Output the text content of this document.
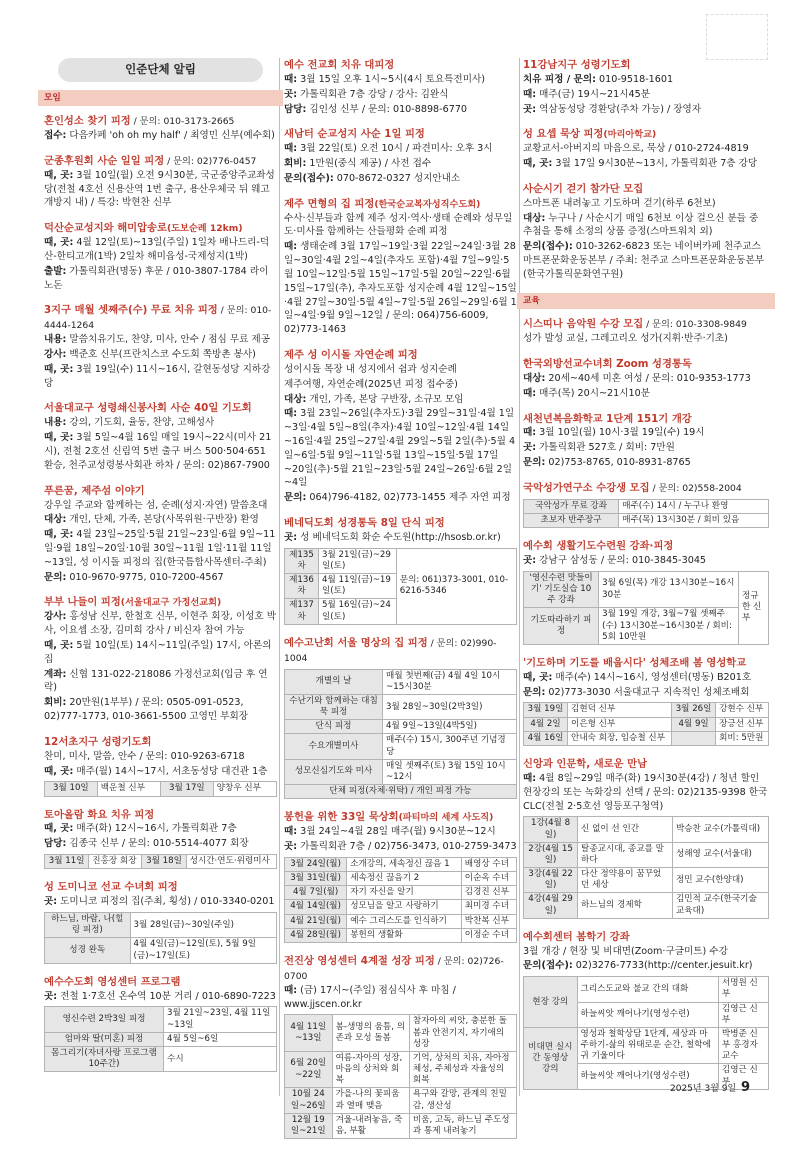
인준단체 알림
모임
혼인성소 찾기 피정 / 문의: 010-3173-2665
접수: 다음카페 'oh oh my half' / 최영민 신부(예수회)
군종후원회 사순 일일 피정 / 문의: 02)776-0457
때, 곳: 3월 10일(월) 오전 9시30분, 국군중앙주교좌성당(전철 4호선 신용산역 1번 출구, 용산우체국 뒤 웨고개방지 내) / 특강: 박현찬 신부
덕산순교성지와 해미압송로(도보순례 12km)
때, 곳: 4월 12일(토)~13일(주일) 1일차 배나드리-덕산-한티고개(1박) 2일차 해미읍성-국제성지(1박)
출발: 가톨릭회관(명동) 후문 / 010-3807-1784 라이노돈
3지구 매월 셋째주(수) 무료 치유 피정 / 문의: 010-4444-1264
내용: 말씀치유기도, 찬양, 미사, 안수 / 점심 무료 제공
강사: 백준호 신부(프란치스코 수도회 쪽방촌 봉사)
때, 곳: 3월 19일(수) 11시~16시, 갈현동성당 지하강당
서울대교구 성령쇄신봉사회 사순 40일 기도회
내용: 강의, 기도회, 율동, 찬양, 고해성사
때, 곳: 3월 5일~4월 16일 매일 19시~22시(미사 21시), 전철 2호선 신림역 5번 출구 버스 500·504·651 환승, 천주교성령봉사회관 하차 / 문의: 02)867-7900
푸른꿈, 제주섬 이야기
강우일 주교와 함께하는 섬, 순례(성지·자연) 말씀초대
대상: 개인, 단체, 가족, 본당(사목위원·구반장) 환영
때, 곳: 4월 23일~25일·5월 21일~23일·6월 9일~11일·9월 18일~20일·10월 30일~11월 1일·11월 11일~13일, 성 이시돌 피정의 집(한국틈합사목센터-주최)
문의: 010-9670-9775, 010-7200-4567
부부 나들이 피정(서울대교구 가정선교회)
강사: 홍성남 신부, 한철호 신부, 이현주 회장, 이성호 박사, 이요셉 소장, 김미희 강사 / 비신자 참여 가능
때, 곳: 5월 10일(토) 14시~11일(주일) 17시, 아론의 집
계좌: 신협 131-022-218086 가정선교회(입금 후 연락)
회비: 20만원(1부부) / 문의: 0505-091-0523, 02)777-1773, 010-3661-5500 고영민 부회장
12서초지구 성령기도회
찬미, 미사, 말씀, 안수 / 문의: 010-9263-6718
때, 곳: 매주(월) 14시~17시, 서초동성당 대건관 1층
3월 10일	백운철 신부	3월 17일	양창우 신부
토아올람 화요 치유 피정
때, 곳: 매주(화) 12시~16시, 가톨릭회관 7층
담당: 김종국 신부 / 문의: 010-5514-4077 회장
3월 11일	진홍장 회장	3월 18일	성시간·연도·위령미사
성 도미니코 선교 수녀회 피정
곳: 도미니코 피정의 집(주최, 횡성) / 010-3340-0201
하느님, 바람, 나(힐링 피정)	3월 28일(금)~30일(주일)
성경 완독	4월 4일(금)~12일(토), 5월 9일(금)~17일(토)
예수수도회 영성센터 프로그램
곳: 전철 1·7호선 온수역 10분 거리 / 010-6890-7223
영신수련 2박3일 피정	3월 21일~23일, 4월 11일~13일
엄마와 딸(미혼) 피정	4월 5일~6일
몸그리기(자녀사랑 프로그램 10주간)	수시
예수 전교회 치유 대피정
때: 3월 15일 오후 1시~5시(4시 토요특전미사)
곳: 가톨릭회관 7층 강당 / 강사: 김완식
담당: 김인성 신부 / 문의: 010-8898-6770
새남터 순교성지 사순 1일 피정
때: 3월 22일(토) 오전 10시 / 파견미사: 오후 3시
회비: 1만원(중식 제공) / 사전 접수
문의(접수): 070-8672-0327 성지안내소
제주 면형의 집 피정(한국순교복자성직수도회)
수사·신부들과 함께 제주 성지·역사·생태 순례와 성무일도·미사를 함께하는 산들평화 순례 피정
때: 생태순례 3월 17일~19일·3월 22일~24일·3월 28일~30일·4월 2일~4일(추자도 포함)·4월 7일~9일·5월 10일~12일·5월 15일~17일·5월 20일~22일·6월 15일~17일(추), 추자도포함 성지순례 4월 12일~15일·4월 27일~30일·5월 4일~7일·5월 26일~29일·6월 1일~4일·9월 9일~12일 / 문의: 064)756-6009, 02)773-1463
제주 성 이시돌 자연순례 피정
성이시돌 목장 내 성지에서 쉼과 성지순례
제주여행, 자연순례(2025년 피정 접수중)
대상: 개인, 가족, 본당 구반장, 소규모 모임
때: 3월 23일~26일(추자도)·3월 29일~31일·4월 1일~3일·4월 5일~8일(추자)·4월 10일~12일·4월 14일~16일·4월 25일~27일·4월 29일~5월 2일(추)·5월 4일~6일·5월 9일~11일·5월 13일~15일·5월 17일~20일(추)·5월 21일~23일·5월 24일~26일·6월 2일~4일
문의: 064)796-4182, 02)773-1455 제주 자연 피정
베네딕도회 성경통독 8일 단식 피정
곳: 성 베네딕도회 화순 수도원(http://hsosb.or.kr)
제135차	3월 21일(금)~29일(토)	문의: 061)373-3001, 010-6216-5346
제136차	4월 11일(금)~19일(토)	
제137차	5월 16일(금)~24일(토)	
예수고난회 서울 명상의 집 피정 / 문의: 02)990-1004
개별의 날	매월 첫번째(금) 4월 4일 10시~15시30분
수난기와 함께하는 대침묵 피정	3월 28일~30일(2박3일)
단식 피정	4월 9일~13일(4박5일)
수요개별미사	매주(수) 15시, 300주년 기념경당
성모신심기도와 미사	매일 셋째주(토) 3월 15일 10시~12시
단체 피정(자체·위탁) / 개인 피정 가능	
봉헌을 위한 33일 묵상회(파티마의 세계 사도직)
때: 3월 24일~4월 28일 매주(월) 9시30분~12시
곳: 가톨릭회관 7층 / 02)756-3473, 010-2759-3473
3월 24일(월)	소개강의, 세속정신 끊음 1	배영상 수녀
3월 31일(월)	세속정신 끊음기 2	이순옥 수녀
4월 7일(월)	자기 자신을 알기	김경진 신부
4월 14일(월)	성모님을 알고 사랑하기	최미경 수녀
4월 21일(월)	예수 그리스도를 인식하기	박찬복 신부
4월 28일(월)	봉헌의 생활화	이정순 수녀
전진상 영성센터 4계절 성장 피정 / 문의: 02)726-0700
때: (금) 17시~(주일) 점심식사 후 마침 / www.jjscen.or.kr
4월 11일~13일	봄-생명의 움틈, 의존과 모성 돌봄	참자아의 씨앗, 충분한 돌봄과 안전기지, 자기애의 성장
6월 20일~22일	여름-자아의 성장, 마음의 상처와 회복	기억, 상처의 치유, 자아정체성, 주체성과 자율성의 회복
10월 24일~26일	가을-나의 꽃피움과 열매 맺음	욕구와 갈망, 관계의 친밀감, 생산성
12월 19일~21일	겨울-내려놓음, 죽음, 부활	비움, 고독, 하느님 주도성과 통제 내려놓기
11강남지구 성령기도회
치유 피정 / 문의: 010-9518-1601
때: 매주(금) 19시~21시45분
곳: 역삼동성당 경환당(주차 가능) / 장영자
성 요셉 묵상 피정(마리아학교)
교황교서-아버지의 마음으로, 묵상 / 010-2724-4819
때, 곳: 3월 17일 9시30분~13시, 가톨릭회관 7층 강당
사순시기 걷기 참가단 모집
스마트폰 내려놓고 기도하며 걷기(하루 6천보)
대상: 누구나 / 사순시기 매일 6천보 이상 걸으신 분들 중 추첨을 통해 소정의 상품 증정(스마트워치 외)
문의(접수): 010-3262-6823 또는 네이버카페 천주교스마트폰문화운동본부 / 주최: 천주교 스마트폰문화운동본부(한국가톨릭문화연구원)
교육
시스띠나 음악원 수강 모집 / 문의: 010-3308-9849
성가 발성 교실, 그레고리오 성가(지휘·반주·기초)
한국외방선교수녀회 Zoom 성경통독
대상: 20세~40세 미혼 여성 / 문의: 010-9353-1773
때: 매주(목) 20시~21시10분
새천년복음화학교 1단계 151기 개강
때: 3월 10일(월) 10시·3월 19일(수) 19시
곳: 가톨릭회관 527호 / 회비: 7만원
문의: 02)753-8765, 010-8931-8765
국악성가연구소 수강생 모집 / 문의: 02)558-2004
국악성가 무료 강좌	매주(수) 14시 / 누구나 환영
초보자 반주장구	매주(목) 13시30분 / 회비 있음
예수회 생활기도수련원 강좌·피정
곳: 강남구 삼성동 / 문의: 010-3845-3045
'영신수련 맛들이기' 기도실습 10주 강좌	3월 6일(목) 개강 13시30분~16시30분	정규한 신부
기도따라하기 피정	3월 19일 개강, 3월~7월 셋째주(수) 13시30분~16시30분 / 회비: 5회 10만원	
'기도하며 기도를 배웁시다' 성체조배 봄 영성학교
때, 곳: 매주(수) 14시~16시, 영성센터(명동) B201호
문의: 02)773-3030 서울대교구 지속적인 성체조배회
3월 19일	김현덕 신부	3월 26일	강현수 신부
4월 2일	이은형 신부	4월 9일	장긍선 신부
4월 16일	안내숙 회장, 임승철 신부		회비: 5만원
신앙과 인문학, 새로운 만남
때: 4월 8일~29일 매주(화) 19시30분(4강) / 청년 할인 현장강의 또는 녹화강의 선택 / 문의: 02)2135-9398 한국CLC(전철 2·5호선 영등포구청역)
1강(4월 8일)	신 없이 선 인간	박승찬 교수(가톨릭대)
2강(4월 15일)	탈종교시대, 종교를 말하다	성해영 교수(서울대)
3강(4월 22일)	다산 정약용이 꿈꾸었던 세상	정민 교수(한양대)
4강(4월 29일)	하느님의 경제학	김민적 교수(한국기술교육대)
예수회센터 봄학기 강좌
3월 개강 / 현장 및 비대면(Zoom·구글미트) 수강
문의(접수): 02)3276-7733(http://center.jesuit.kr)
현장 강의	그리스도교와 불교 간의 대화	서명원 신부
	하늘씨앗 깨어나기(영성수련)	김영근 신부
비대면 실시간 동영상 강의	영성과 철학상담 1단계, 세상과 마주하기-삶의 위태로운 순간, 철학에 귀 기울이다	박병준 신부 홍경자 교수
	하늘씨앗 깨어나기(영성수련)	김영근 신부
2025년 3월 9일 9
